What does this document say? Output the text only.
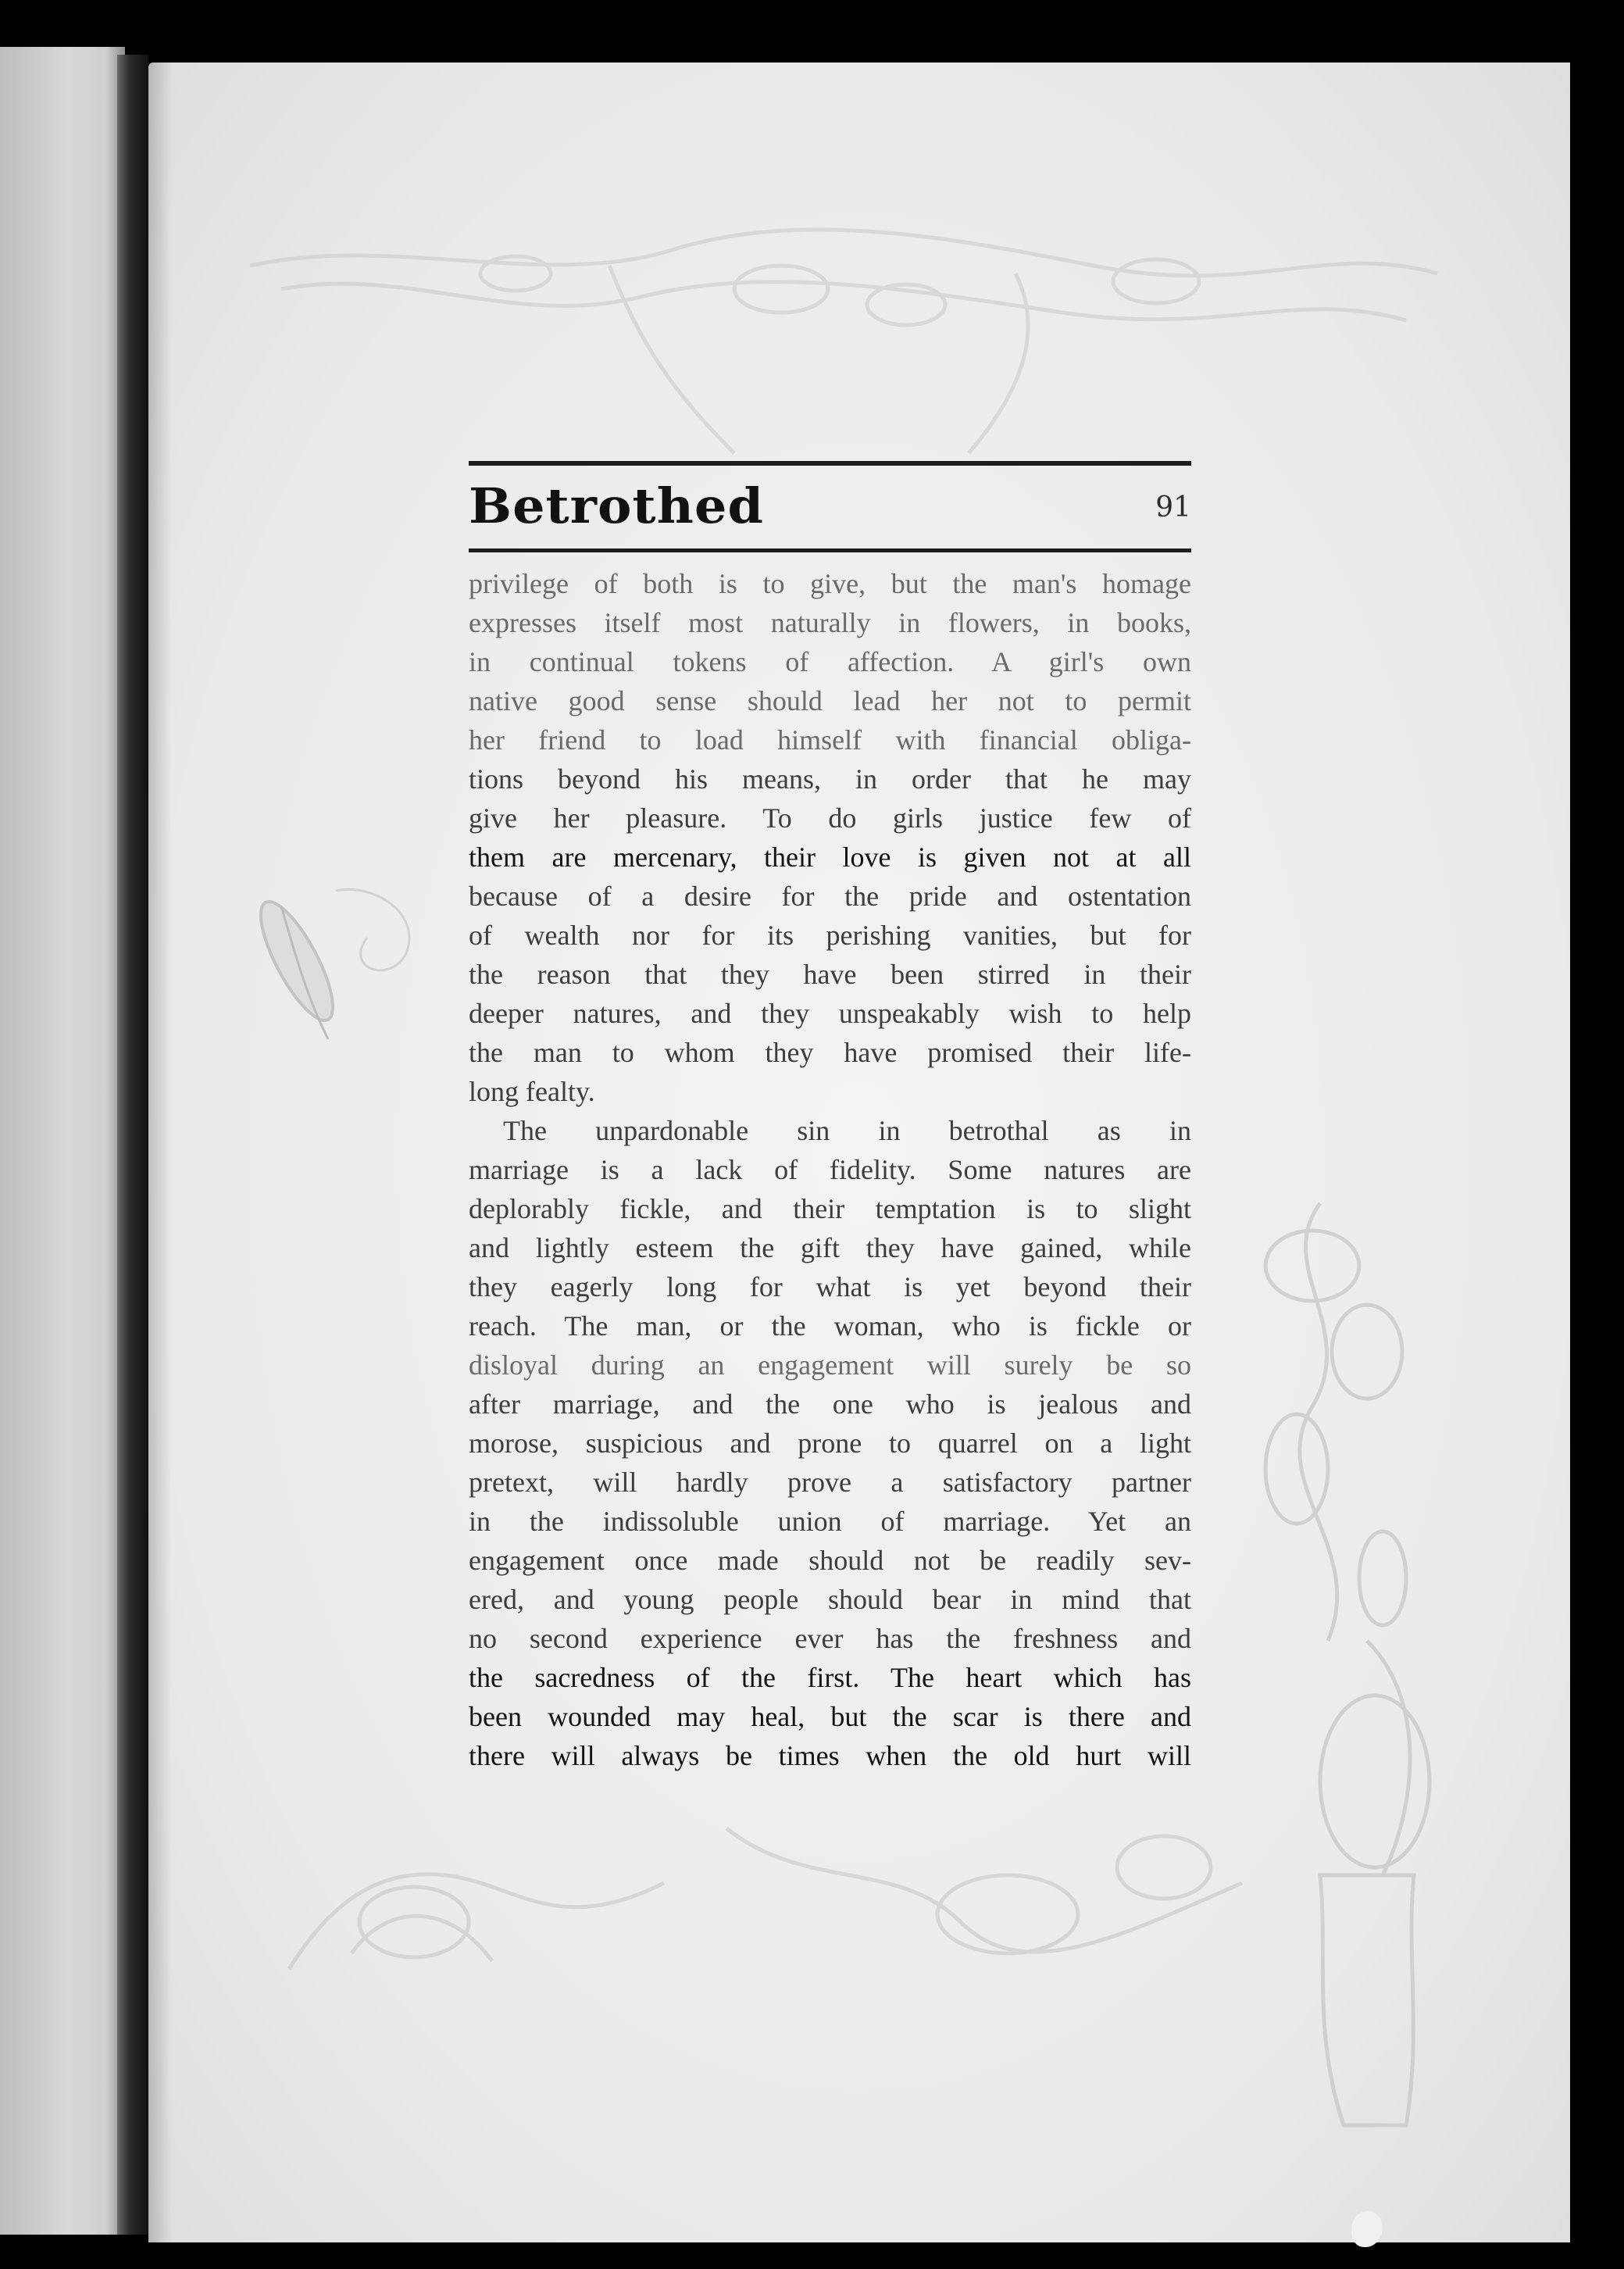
Betrothed	91
privilege of both is to give, but the man's homage
expresses itself most naturally in flowers, in books,
in continual tokens of affection. A girl's own
native good sense should lead her not to permit
her friend to load himself with financial obliga-
tions beyond his means, in order that he may
give her pleasure. To do girls justice few of
them are mercenary, their love is given not at all
because of a desire for the pride and ostentation
of wealth nor for its perishing vanities, but for
the reason that they have been stirred in their
deeper natures, and they unspeakably wish to help
the man to whom they have promised their life-
long fealty.
The unpardonable sin in betrothal as in
marriage is a lack of fidelity. Some natures are
deplorably fickle, and their temptation is to slight
and lightly esteem the gift they have gained, while
they eagerly long for what is yet beyond their
reach. The man, or the woman, who is fickle or
disloyal during an engagement will surely be so
after marriage, and the one who is jealous and
morose, suspicious and prone to quarrel on a light
pretext, will hardly prove a satisfactory partner
in the indissoluble union of marriage. Yet an
engagement once made should not be readily sev-
ered, and young people should bear in mind that
no second experience ever has the freshness and
the sacredness of the first. The heart which has
been wounded may heal, but the scar is there and
there will always be times when the old hurt will
